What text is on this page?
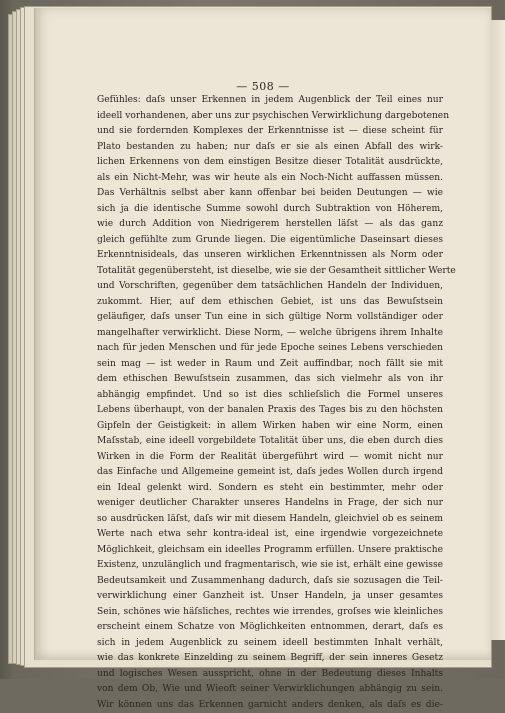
— 508 —
Gefühles: daſs unser Erkennen in jedem Augenblick der Teil eines nur
ideell vorhandenen, aber uns zur psychischen Verwirklichung dargebotenen
und sie fordernden Komplexes der Erkenntnisse ist — diese scheint für
Plato bestanden zu haben; nur daſs er sie als einen Abfall des wirk-
lichen Erkennens von dem einstigen Besitze dieser Totalität ausdrückte,
als ein Nicht-Mehr, was wir heute als ein Noch-Nicht auffassen müssen.
Das Verhältnis selbst aber kann offenbar bei beiden Deutungen — wie
sich ja die identische Summe sowohl durch Subtraktion von Höherem,
wie durch Addition von Niedrigerem herstellen läſst — als das ganz
gleich gefühlte zum Grunde liegen. Die eigentümliche Daseinsart dieses
Erkenntnisideals, das unseren wirklichen Erkenntnissen als Norm oder
Totalität gegenübersteht, ist dieselbe, wie sie der Gesamtheit sittlicher Werte
und Vorschriften, gegenüber dem tatsächlichen Handeln der Individuen,
zukommt. Hier, auf dem ethischen Gebiet, ist uns das Bewuſstsein
geläufiger, daſs unser Tun eine in sich gültige Norm vollständiger oder
mangelhafter verwirklicht. Diese Norm, — welche übrigens ihrem Inhalte
nach für jeden Menschen und für jede Epoche seines Lebens verschieden
sein mag — ist weder in Raum und Zeit auffindbar, noch fällt sie mit
dem ethischen Bewuſstsein zusammen, das sich vielmehr als von ihr
abhängig empfindet. Und so ist dies schlieſslich die Formel unseres
Lebens überhaupt, von der banalen Praxis des Tages bis zu den höchsten
Gipfeln der Geistigkeit: in allem Wirken haben wir eine Norm, einen
Maſsstab, eine ideell vorgebildete Totalität über uns, die eben durch dies
Wirken in die Form der Realität übergeführt wird — womit nicht nur
das Einfache und Allgemeine gemeint ist, daſs jedes Wollen durch irgend
ein Ideal gelenkt wird. Sondern es steht ein bestimmter, mehr oder
weniger deutlicher Charakter unseres Handelns in Frage, der sich nur
so ausdrücken läſst, daſs wir mit diesem Handeln, gleichviel ob es seinem
Werte nach etwa sehr kontra-ideal ist, eine irgendwie vorgezeichnete
Möglichkeit, gleichsam ein ideelles Programm erfüllen. Unsere praktische
Existenz, unzulänglich und fragmentarisch, wie sie ist, erhält eine gewisse
Bedeutsamkeit und Zusammenhang dadurch, daſs sie sozusagen die Teil-
verwirklichung einer Ganzheit ist. Unser Handeln, ja unser gesamtes
Sein, schönes wie häſsliches, rechtes wie irrendes, groſses wie kleinliches
erscheint einem Schatze von Möglichkeiten entnommen, derart, daſs es
sich in jedem Augenblick zu seinem ideell bestimmten Inhalt verhält,
wie das konkrete Einzelding zu seinem Begriff, der sein inneres Gesetz
und logisches Wesen ausspricht, ohne in der Bedeutung dieses Inhalts
von dem Ob, Wie und Wieoft seiner Verwirklichungen abhängig zu sein.
Wir können uns das Erkennen garnicht anders denken, als daſs es die-
